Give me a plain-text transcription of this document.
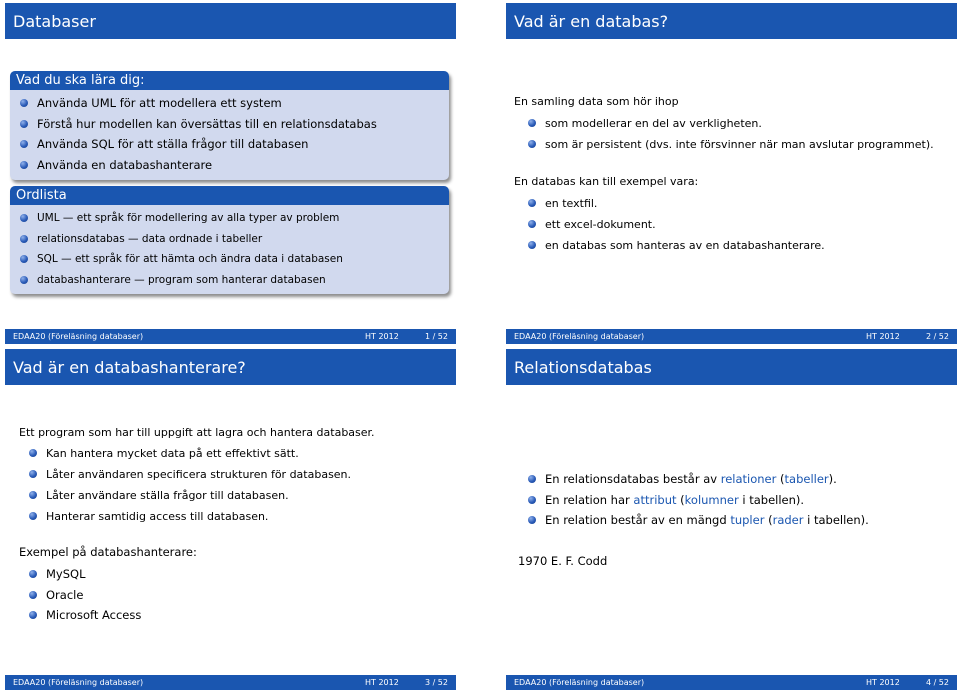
Databaser
Vad du ska lära dig:
Använda UML för att modellera ett system
Förstå hur modellen kan översättas till en relationsdatabas
Använda SQL för att ställa frågor till databasen
Använda en databashanterare
Ordlista
UML — ett språk för modellering av alla typer av problem
relationsdatabas — data ordnade i tabeller
SQL — ett språk för att hämta och ändra data i databasen
databashanterare — program som hanterar databasen
EDAA20 (Föreläsning databaser)	HT 2012	1 / 52
Vad är en databas?
En samling data som hör ihop
som modellerar en del av verkligheten.
som är persistent (dvs. inte försvinner när man avslutar programmet).
En databas kan till exempel vara:
en textfil.
ett excel-dokument.
en databas som hanteras av en databashanterare.
EDAA20 (Föreläsning databaser)	HT 2012	2 / 52
Vad är en databashanterare?
Ett program som har till uppgift att lagra och hantera databaser.
Kan hantera mycket data på ett effektivt sätt.
Låter användaren specificera strukturen för databasen.
Låter användare ställa frågor till databasen.
Hanterar samtidig access till databasen.
Exempel på databashanterare:
MySQL
Oracle
Microsoft Access
EDAA20 (Föreläsning databaser)	HT 2012	3 / 52
Relationsdatabas
En relationsdatabas består av relationer (tabeller).
En relation har attribut (kolumner i tabellen).
En relation består av en mängd tupler (rader i tabellen).
1970 E. F. Codd
EDAA20 (Föreläsning databaser)	HT 2012	4 / 52
